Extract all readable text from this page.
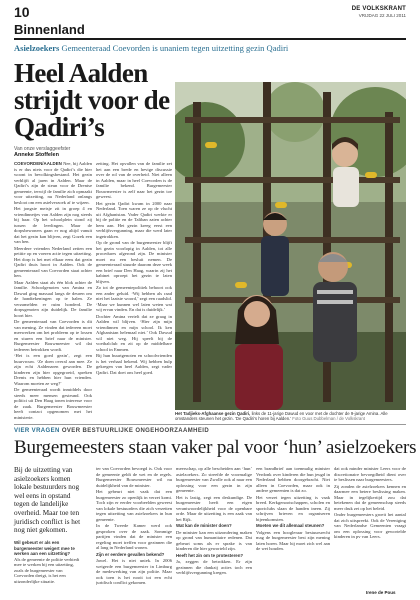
10	DE VOLKSKRANT
VRIJDAG 22 JULI 2011
Binnenland
Asielzoekers Gemeenteraad Coevorden is unaniem tegen uitzetting gezin Qadiri
Heel Aalden strijdt voor de Qadiri’s
Van onze verslaggeefster
Anneke Stoffelen

COEVORDEN/AALDEN Nee, bij Aalden is er dus niets voor de Qadiri’s die hier woont in bevolkingsbestand. Het gezin verblijft al jaren in Aalden. Maar de Qadiri’s zijn de steun voor de Drentse gemeente, terwijl de familie zich opmaakt voor uitzetting, nu Nederland onlangs besloot om een asielverzoek af te wijzen.

Het jongste meisje zit in groep 4 en vriendinnetjes van Aalden zijn nog steeds bij haar. Op het schoolplein stond zij tussen de leerlingen. Maar de dorpsbewoners gaan er nog altijd vanuit dat het gezin kan blijven, zegt Gozek een van hen.

Meerdere vrienden Nederland zetten een petitie op en voeren actie tegen uitzetting. Het dorp is het met elkaar eens dat gezin Qadiri thuis hoort in Aalden. Ook de gemeenteraad van Coevorden staat achter hen.

Maar Aalden staat als één blok achter de familie. Schoolgenoten van Amina en Dawud ging massaal langs de deuren om de handtekeningen op te halen. Ze verzamelden er ruim honderd. De dorpsgenoten zijn duidelijk. De familie hoort hier.

De gemeenteraad van Coevorden is dit van mening. Ze vinden dat iedereen moet meewerken om het probleem op te lossen en sturen een brief naar de minister. Burgemeester Bouwmeester wil dat iedereen betrokken wordt.

‘Het is een goed gezin’, zegt een buurvrouw. ‘Ze doen overal aan mee. Ze zijn echt Aaldenaren geworden. De kinderen zijn hier opgegroeid, spreken Drents en hebben hier hun vrienden. Waarom moeten ze weg?’

De gemeenteraad wordt inmiddels door steeds meer mensen gesteund. Ook politici uit Den Haag tonen interesse voor de zaak. Burgemeester Bouwmeester heeft contact opgenomen met het ministerie.

zetting. Het opvallen van de familie zet het aan een brede en hevige discussie over de rol van de overheid. Niet alleen in Aalden, maar in heel Coevorden is de familie bekend. Burgemeester Bouwmeester is zelf naar het gezin toe geweest.

Het gezin Qadiri kwam in 2000 naar Nederland. Toen waren ze op de vlucht uit Afghanistan. Vader Qadiri werkte er bij de politie en de Taliban zaten achter hem aan. Het gezin kreeg eerst een verblijfsvergunning, maar die werd later ingetrokken.

Op de grond van de burgemeester blijft het gezin voorlopig in Aalden, tot alle procedures afgerond zijn. De minister moet nu een besluit nemen. De gemeenteraad stuurde daarom deze week een brief naar Den Haag, waarin zij het kabinet oproept het gezin te laten blijven.

Zo tot de gemeentepolitiek behoort ook een ander geluid. ‘Wij hebben als raad niet het laatste woord,’ zegt een raadslid. ‘Maar we kunnen wel laten weten wat wij ervan vinden. En dat is duidelijk.’

Dochter Amina vertelt dat ze graag in Aalden wil blijven. ‘Hier zijn mijn vriendinnen en mijn school. Ik ken Afghanistan helemaal niet.’ Ook Dawud wil niet weg. Hij speelt bij de voetbalclub en zit op de middelbare school in Emmen.

Bij hun buurtgenoten en schoolvrienden is het verhaal bekend. Wij hebben hulp gekregen van heel Aalden, zegt vader Qadiri. Dat doet ons heel goed.

Het Tadjieks-Afghaanse gezin Qadiri, links de 11-jarige Dawud en voor met de dochter de 9-jarige Amina. Alle omstanders steunen het gezin. ‘De Qadiri’s horen bij Aalden.’ Foto Guus Dubbelman / de Volkskrant
VIER VRAGEN OVER BESTUURLIJKE ONGEHOORZAAMHEID
Burgemeesters staan vaker pal voor ‘hun’ asielzoekers
Bij de uitzetting van asielzoekers komen lokale bestuurders nog wel eens in opstand tegen de landelijke overheid. Maar toe ten juridisch conflict is het nog niet gekomen.

Wil gebeurt er als een burgemeester weigert mee te werken aan een uitzetting?

Als de gemeente de politie verbiedt mee te werken bij een uitzetting, zoals de burgemeester van Coevorden dreigt, is het een uitzonderlijke situatie.

ter van Coevorden bevoegd is. Ook voor de gemeente geldt de wet en de regels. Burgemeester Bouwmeester wil nu duidelijkheid van de minister.

Het gebeurt niet vaak dat een burgemeester zo openlijk in verzet komt. Toch zijn er eerder voorbeelden geweest van lokale bestuurders die zich verzetten tegen uitzetting van asielzoekers in hun gemeente.

In de Tweede Kamer werd ook gesproken over de zaak. Sommige partijen vinden dat de minister een regeling moet treffen voor gezinnen die al lang in Nederland wonen.

Zijn er eerdere gevallen bekend?

Jawel. Het is niet uniek. In 2006 weigerde een burgemeester in Limburg de medewerking van zijn politie. Maar ook toen is het nooit tot een echt juridisch conflict gekomen.

meerschap, op alle bescheiden aan ‘hun’ asielzoekers. Zo streefde de voormalige burgemeester van Zwolle ook al naar een oplossing voor een gezin in zijn gemeente.

Het is lastig, zegt een deskundige. De burgemeester heeft een eigen verantwoordelijkheid voor de openbare orde. Maar de uitzetting is een zaak van het Rijk.

Wat kan de minister doen?

De minister kan een uitzondering maken op grond van humanitaire redenen. Dat gebeurt soms als er sprake is van kinderen die hier geworteld zijn.

Heeft het zin om te protesteren?

Ja, zeggen de betrokken. Er zijn gezinnen die dankzij acties toch een verblijfsvergunning kregen.

een brandbrief aan toenmalig minister Verdonk over kinderen die hun jeugd in Nederland hebben doorgebracht. Niet alleen in Coevorden, maar ook in andere gemeenten is dat zo.

Het verzet tegen uitzetting is vaak breed. Kerkgenootschappen, scholen en sportclubs slaan de handen ineen. Zij schrijven brieven en organiseren bijeenkomsten.

Moeten we dit allemaal steunen?

Volgens een hoogleraar bestuursrecht mag de burgemeester best zijn mening laten horen. Maar hij moet zich wel aan de wet houden.

dat ook minder minister Leers voor de discretionaire bevoegdheid dient over te beslissen naar burgemeesters.

Zij zonden de asielzoekers kennen en daarmee een betere beslissing maken. Maar in tegelijkertijd zou dat betekenen dat de gemeenschap steeds meer druk zet op het beleid.

Onder burgemeesters groeit het aantal dat zich uitspreekt. Ook de Vereniging van Nederlandse Gemeenten vraagt om een oplossing voor gewortelde kinderen in pv van Leers.

Irene de Pous
